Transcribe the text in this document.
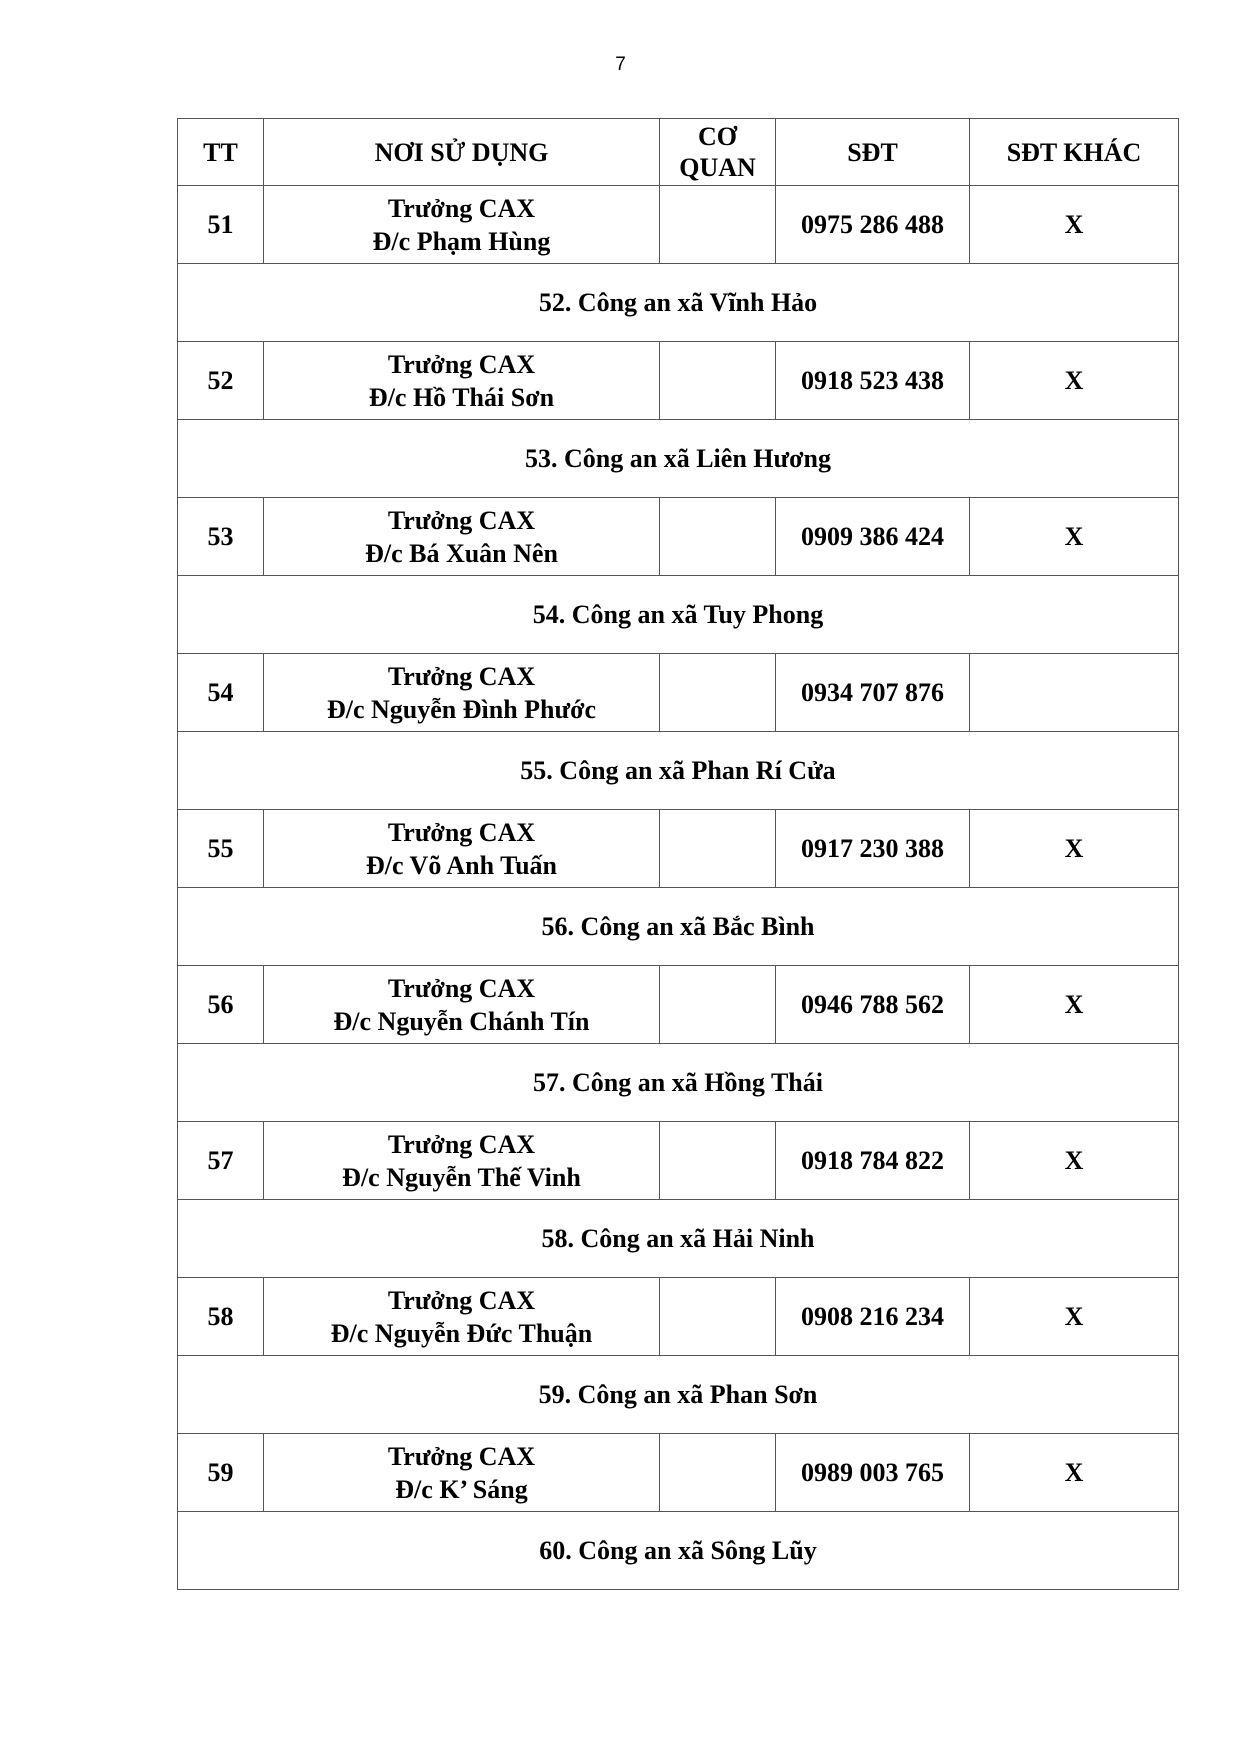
7
TT	NƠI SỬ DỤNG	CƠ
QUAN	SĐT	SĐT KHÁC
51	Trưởng CAX
Đ/c Phạm Hùng		0975 286 488	X
52. Công an xã Vĩnh Hảo				
52	Trưởng CAX
Đ/c Hồ Thái Sơn		0918 523 438	X
53. Công an xã Liên Hương				
53	Trưởng CAX
Đ/c Bá Xuân Nên		0909 386 424	X
54. Công an xã Tuy Phong				
54	Trưởng CAX
Đ/c Nguyễn Đình Phước		0934 707 876	
55. Công an xã Phan Rí Cửa				
55	Trưởng CAX
Đ/c Võ Anh Tuấn		0917 230 388	X
56. Công an xã Bắc Bình				
56	Trưởng CAX
Đ/c Nguyễn Chánh Tín		0946 788 562	X
57. Công an xã Hồng Thái				
57	Trưởng CAX
Đ/c Nguyễn Thế Vinh		0918 784 822	X
58. Công an xã Hải Ninh				
58	Trưởng CAX
Đ/c Nguyễn Đức Thuận		0908 216 234	X
59. Công an xã Phan Sơn				
59	Trưởng CAX
Đ/c K’ Sáng		0989 003 765	X
60. Công an xã Sông Lũy				
